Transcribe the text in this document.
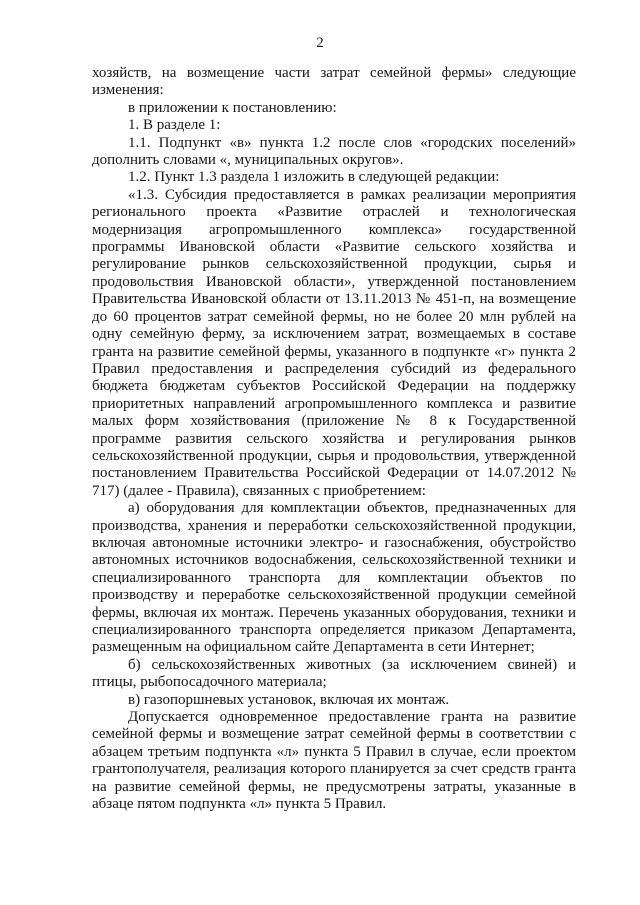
2

хозяйств, на возмещение части затрат семейной фермы» следующие изменения:

в приложении к постановлению:

1. В разделе 1:

1.1. Подпункт «в» пункта 1.2 после слов «городских поселений» дополнить словами «, муниципальных округов».

1.2. Пункт 1.3 раздела 1 изложить в следующей редакции:

«1.3. Субсидия предоставляется в рамках реализации мероприятия регионального проекта «Развитие отраслей и технологическая модернизация агропромышленного комплекса» государственной программы Ивановской области «Развитие сельского хозяйства и регулирование рынков сельскохозяйственной продукции, сырья и продовольствия Ивановской области», утвержденной постановлением Правительства Ивановской области от 13.11.2013 № 451-п, на возмещение до 60 процентов затрат семейной фермы, но не более 20 млн рублей на одну семейную ферму, за исключением затрат, возмещаемых в составе гранта на развитие семейной фермы, указанного в подпункте «г» пункта 2 Правил предоставления и распределения субсидий из федерального бюджета бюджетам субъектов Российской Федерации на поддержку приоритетных направлений агропромышленного комплекса и развитие малых форм хозяйствования (приложение № 8 к Государственной программе развития сельского хозяйства и регулирования рынков сельскохозяйственной продукции, сырья и продовольствия, утвержденной постановлением Правительства Российской Федерации от 14.07.2012 № 717) (далее - Правила), связанных с приобретением:

а) оборудования для комплектации объектов, предназначенных для производства, хранения и переработки сельскохозяйственной продукции, включая автономные источники электро- и газоснабжения, обустройство автономных источников водоснабжения, сельскохозяйственной техники и специализированного транспорта для комплектации объектов по производству и переработке сельскохозяйственной продукции семейной фермы, включая их монтаж. Перечень указанных оборудования, техники и специализированного транспорта определяется приказом Департамента, размещенным на официальном сайте Департамента в сети Интернет;

б) сельскохозяйственных животных (за исключением свиней) и птицы, рыбопосадочного материала;

в) газопоршневых установок, включая их монтаж.

Допускается одновременное предоставление гранта на развитие семейной фермы и возмещение затрат семейной фермы в соответствии с абзацем третьим подпункта «л» пункта 5 Правил в случае, если проектом грантополучателя, реализация которого планируется за счет средств гранта на развитие семейной фермы, не предусмотрены затраты, указанные в абзаце пятом подпункта «л» пункта 5 Правил.
